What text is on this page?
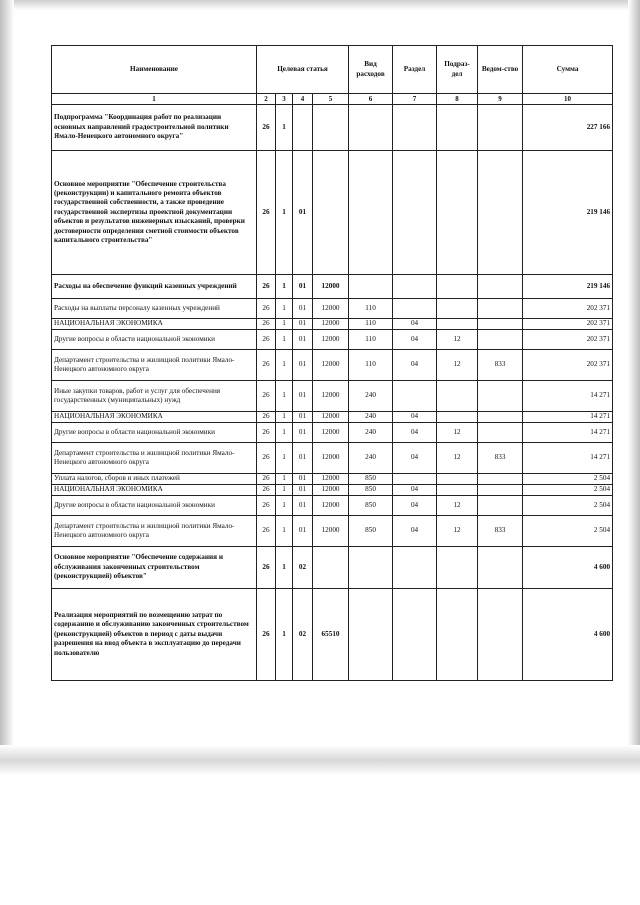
Наименование	Целевая статья				Вид расходов	Раздел	Подраз-дел	Ведом-ство	Сумма
1	2	3	4	5	6	7	8	9	10
Подпрограмма "Координация работ по реализации основных направлений градостроительной политики Ямало-Ненецкого автономного округа"	26	1							227 166
Основное мероприятие "Обеспечение строительства (реконструкции) и капитального ремонта объектов государственной собственности, а также проведение государственной экспертизы проектной документации объектов и результатов инженерных изысканий, проверки достоверности определения сметной стоимости объектов капитального строительства"	26	1	01						219 146
Расходы на обеспечение функций казенных учреждений	26	1	01	12000					219 146
Расходы на выплаты персоналу казенных учреждений	26	1	01	12000	110				202 371
НАЦИОНАЛЬНАЯ ЭКОНОМИКА	26	1	01	12000	110	04			202 371
Другие вопросы в области национальной экономики	26	1	01	12000	110	04	12		202 371
Департамент строительства и жилищной политики Ямало-Ненецкого автономного округа	26	1	01	12000	110	04	12	833	202 371
Иные закупки товаров, работ и услуг для обеспечения государственных (муниципальных) нужд	26	1	01	12000	240				14 271
НАЦИОНАЛЬНАЯ ЭКОНОМИКА	26	1	01	12000	240	04			14 271
Другие вопросы в области национальной экономики	26	1	01	12000	240	04	12		14 271
Департамент строительства и жилищной политики Ямало-Ненецкого автономного округа	26	1	01	12000	240	04	12	833	14 271
Уплата налогов, сборов и иных платежей	26	1	01	12000	850				2 504
НАЦИОНАЛЬНАЯ ЭКОНОМИКА	26	1	01	12000	850	04			2 504
Другие вопросы в области национальной экономики	26	1	01	12000	850	04	12		2 504
Департамент строительства и жилищной политики Ямало-Ненецкого автономного округа	26	1	01	12000	850	04	12	833	2 504
Основное мероприятие "Обеспечение содержания и обслуживания законченных строительством (реконструкцией) объектов"	26	1	02						4 600
Реализация мероприятий по возмещению затрат по содержанию и обслуживанию законченных строительством (реконструкцией) объектов в период с даты выдачи разрешения на ввод объекта в эксплуатацию до передачи пользователю	26	1	02	65510					4 600
